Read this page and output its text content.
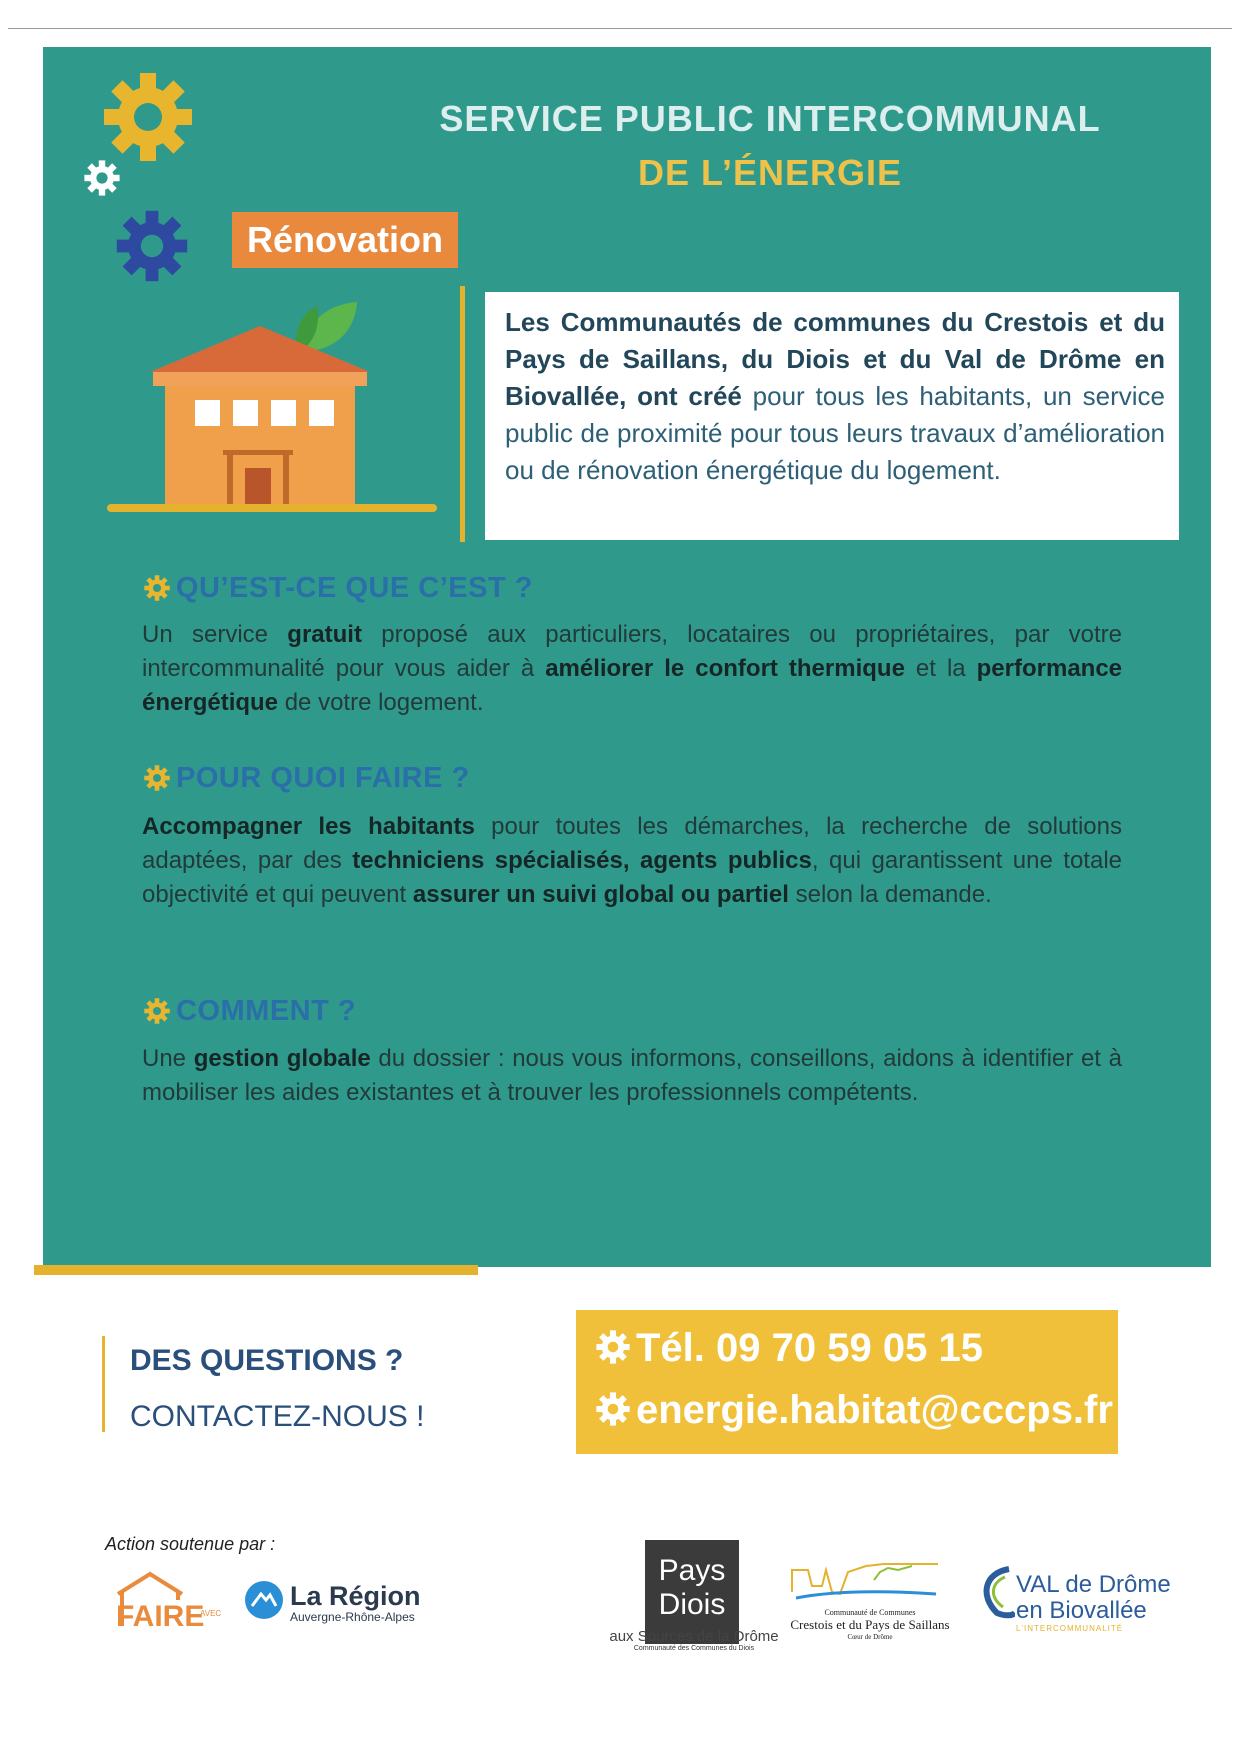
SERVICE PUBLIC INTERCOMMUNAL
DE L’ÉNERGIE
Rénovation
Les Communautés de communes du Crestois et du Pays de Saillans, du Diois et du Val de Drôme en Biovallée, ont créé pour tous les habitants, un service public de proximité pour tous leurs travaux d’amélioration ou de rénovation énergétique du logement.
QU’EST-CE QUE C’EST ?
Un service gratuit proposé aux particuliers, locataires ou propriétaires, par votre intercommunalité pour vous aider à améliorer le confort thermique et la performance énergétique de votre logement.
POUR QUOI FAIRE ?
Accompagner les habitants pour toutes les démarches, la recherche de solutions adaptées, par des techniciens spécialisés, agents publics, qui garantissent une totale objectivité et qui peuvent assurer un suivi global ou partiel selon la demande.
COMMENT ?
Une gestion globale du dossier : nous vous informons, conseillons, aidons à identifier et à mobiliser les aides existantes et à trouver les professionnels compétents.
DES QUESTIONS ?
CONTACTEZ-NOUS !
Tél. 09 70 59 05 15
energie.habitat@cccps.fr
Action soutenue par :
FAIRE
AVEC
La Région
Auvergne-Rhône-Alpes
Pays
Diois
aux Sources de la Drôme
Communauté des Communes du Diois
Communauté de Communes
Crestois et du Pays de Saillans
Cœur de Drôme
VAL de Drôme
en Biovallée
L'INTERCOMMUNALITÉ
